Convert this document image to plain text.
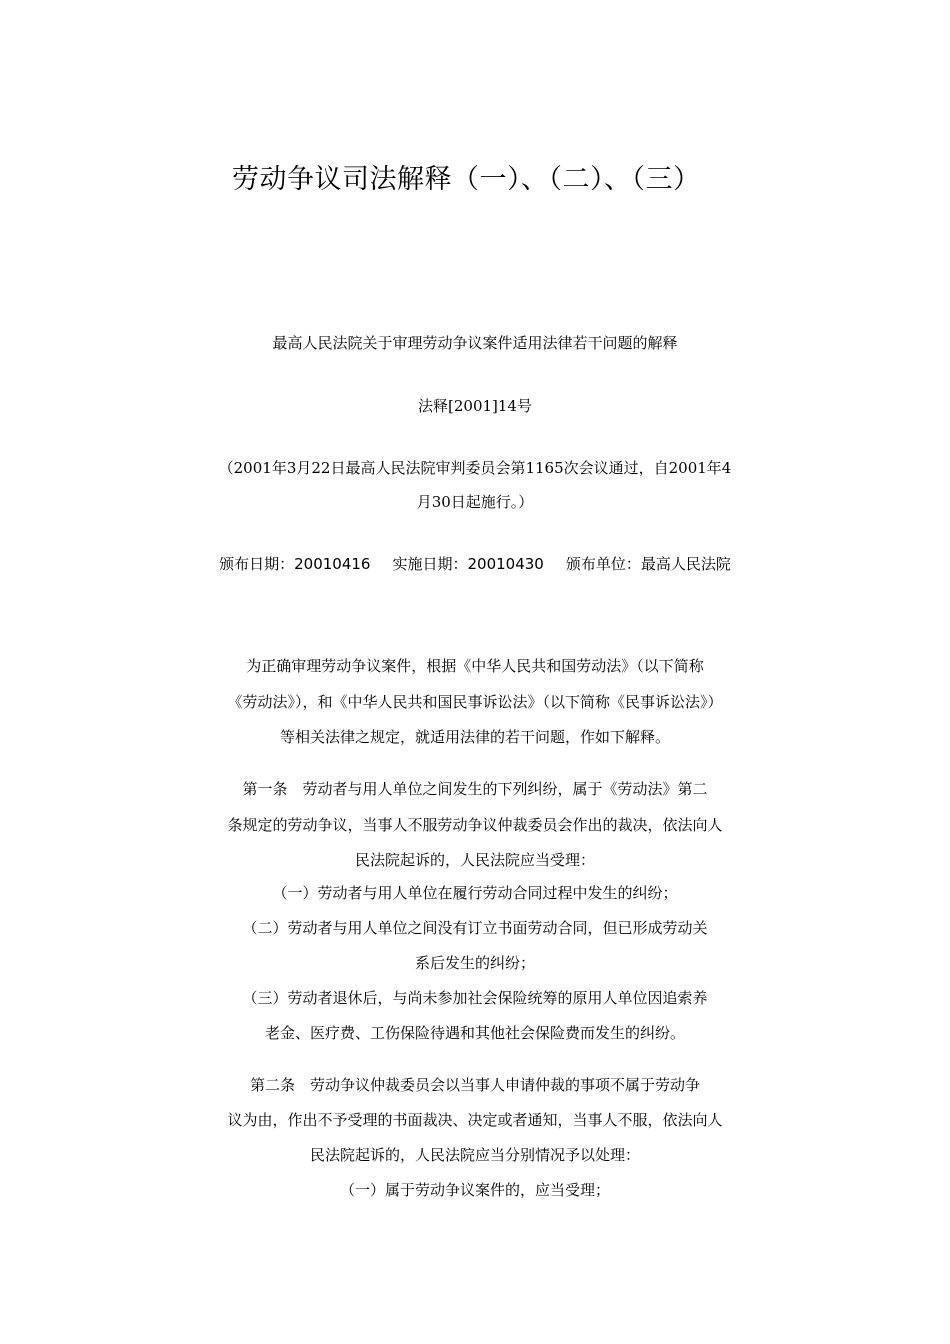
劳动争议司法解释（一）、（二）、（三）
最高人民法院关于审理劳动争议案件适用法律若干问题的解释
法释[2001]14号
（2001年3月22日最高人民法院审判委员会第1165次会议通过，自2001年4
月30日起施行。）
颁布日期：20010416 实施日期：20010430 颁布单位：最高人民法院
为正确审理劳动争议案件，根据《中华人民共和国劳动法》（以下简称
《劳动法》），和《中华人民共和国民事诉讼法》（以下简称《民事诉讼法》）
等相关法律之规定，就适用法律的若干问题，作如下解释。
第一条　劳动者与用人单位之间发生的下列纠纷，属于《劳动法》第二
条规定的劳动争议，当事人不服劳动争议仲裁委员会作出的裁决，依法向人
民法院起诉的，人民法院应当受理：
（一）劳动者与用人单位在履行劳动合同过程中发生的纠纷；
（二）劳动者与用人单位之间没有订立书面劳动合同，但已形成劳动关
系后发生的纠纷；
（三）劳动者退休后，与尚未参加社会保险统筹的原用人单位因追索养
老金、医疗费、工伤保险待遇和其他社会保险费而发生的纠纷。
第二条　劳动争议仲裁委员会以当事人申请仲裁的事项不属于劳动争
议为由，作出不予受理的书面裁决、决定或者通知，当事人不服，依法向人
民法院起诉的，人民法院应当分别情况予以处理：
（一）属于劳动争议案件的，应当受理；
